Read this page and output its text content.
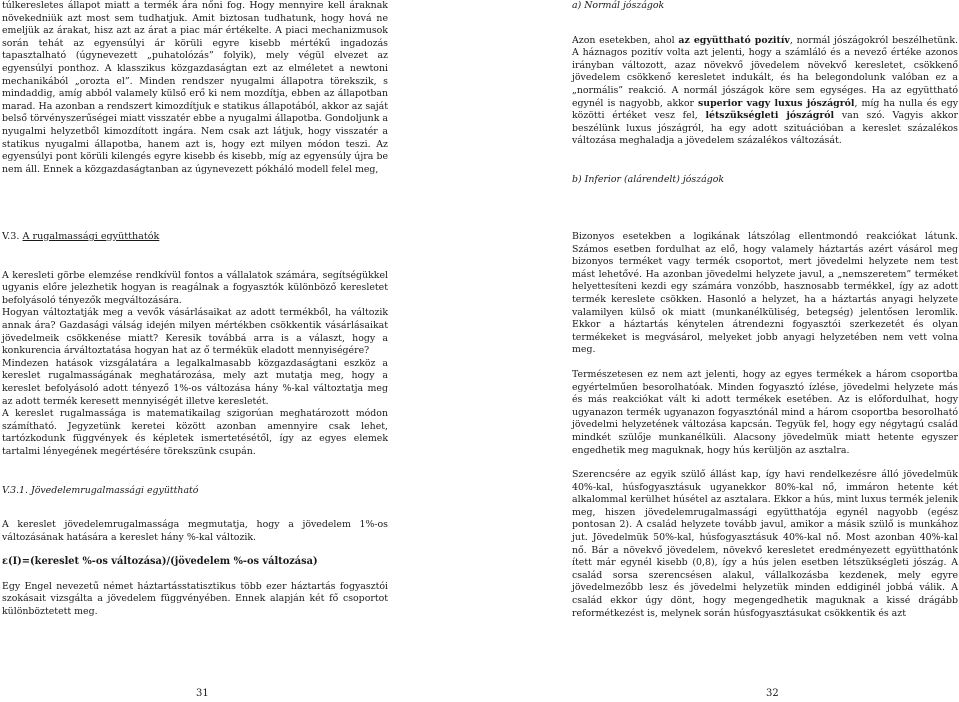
túlkeresletes állapot miatt a termék ára nőni fog. Hogy mennyire kell áraknak növekedniük azt most sem tudhatjuk. Amit biztosan tudhatunk, hogy hová ne emeljük az árakat, hisz azt az árat a piac már értékelte. A piaci mechanizmusok során tehát az egyensúlyi ár körüli egyre kisebb mértékű ingadozás tapasztalható (úgynevezett „puhatolózás” folyik), mely végül elvezet az egyensúlyi ponthoz. A klasszikus közgazdaságtan ezt az elméletet a newtoni mechanikából „orozta el”. Minden rendszer nyugalmi állapotra törekszik, s mindaddig, amíg abból valamely külső erő ki nem mozdítja, ebben az állapotban marad. Ha azonban a rendszert kimozdítjuk e statikus állapotából, akkor az saját belső törvényszerűségei miatt visszatér ebbe a nyugalmi állapotba. Gondoljunk a nyugalmi helyzetből kimozdított ingára. Nem csak azt látjuk, hogy visszatér a statikus nyugalmi állapotba, hanem azt is, hogy ezt milyen módon teszi. Az egyensúlyi pont körüli kilengés egyre kisebb és kisebb, míg az egyensúly újra be nem áll. Ennek a közgazdaságtanban az úgynevezett pókháló modell felel meg,

a) Normál jószágok

Azon esetekben, ahol az együttható pozitív, normál jószágokról beszélhetünk. A háznagos pozitív volta azt jelenti, hogy a számláló és a nevező értéke azonos irányban változott, azaz növekvő jövedelem növekvő keresletet, csökkenő jövedelem csökkenő keresletet indukált, és ha belegondolunk valóban ez a „normális” reakció. A normál jószágok köre sem egységes. Ha az együttható egynél is nagyobb, akkor superior vagy luxus jószágról, míg ha nulla és egy közötti értéket vesz fel, létszükségleti jószágról van szó. Vagyis akkor beszélünk luxus jószágról, ha egy adott szituációban a kereslet százalékos változása meghaladja a jövedelem százalékos változását.

b) Inferior (alárendelt) jószágok

V.3. A rugalmassági együtthatók

A keresleti görbe elemzése rendkívül fontos a vállalatok számára, segítségükkel ugyanis előre jelezhetik hogyan is reagálnak a fogyasztók különböző keresletet befolyásoló tényezők megváltozására.

Hogyan változtatják meg a vevők vásárlásaikat az adott termékből, ha változik annak ára? Gazdasági válság idején milyen mértékben csökkentik vásárlásaikat jövedelmeik csökkenése miatt? Keresik továbbá arra is a választ, hogy a konkurencia árváltoztatása hogyan hat az ő termékük eladott mennyiségére?

Mindezen hatások vizsgálatára a legalkalmasabb közgazdaságtani eszköz a kereslet rugalmasságának meghatározása, mely azt mutatja meg, hogy a kereslet befolyásoló adott tényező 1%-os változása hány %-kal változtatja meg az adott termék keresett mennyiségét illetve keresletét.

A kereslet rugalmassága is matematikailag szigorúan meghatározott módon számítható. Jegyzetünk keretei között azonban amennyire csak lehet, tartózkodunk függvények és képletek ismertetésétől, így az egyes elemek tartalmi lényegének megértésére törekszünk csupán.

V.3.1. Jövedelemrugalmassági együttható

A kereslet jövedelemrugalmassága megmutatja, hogy a jövedelem 1%-os változásának hatására a kereslet hány %-kal változik.

ε(I)=(kereslet %-os változása)/(jövedelem %-os változása)

Egy Engel nevezetű német háztartásstatisztikus több ezer háztartás fogyasztói szokásait vizsgálta a jövedelem függvényében. Ennek alapján két fő csoportot különböztetett meg.

Bizonyos esetekben a logikának látszólag ellentmondó reakciókat látunk. Számos esetben fordulhat az elő, hogy valamely háztartás azért vásárol meg bizonyos terméket vagy termék csoportot, mert jövedelmi helyzete nem test mást lehetővé. Ha azonban jövedelmi helyzete javul, a „nemszeretem” terméket helyettesíteni kezdi egy számára vonzóbb, hasznosabb termékkel, így az adott termék kereslete csökken. Hasonló a helyzet, ha a háztartás anyagi helyzete valamilyen külső ok miatt (munkanélküliség, betegség) jelentősen leromlik. Ekkor a háztartás kénytelen átrendezni fogyasztói szerkezetét és olyan termékeket is megvásárol, melyeket jobb anyagi helyzetében nem vett volna meg.

Természetesen ez nem azt jelenti, hogy az egyes termékek a három csoportba egyértelműen besorolhatóak. Minden fogyasztó ízlése, jövedelmi helyzete más és más reakciókat vált ki adott termékek esetében. Az is előfordulhat, hogy ugyanazon termék ugyanazon fogyasztónál mind a három csoportba besorolható jövedelmi helyzetének változása kapcsán. Tegyük fel, hogy egy négytagú család mindkét szülője munkanélküli. Alacsony jövedelmük miatt hetente egyszer engedhetik meg maguknak, hogy hús kerüljön az asztalra.

Szerencsére az egyik szülő állást kap, így havi rendelkezésre álló jövedelmük 40%-kal, húsfogyasztásuk ugyanekkor 80%-kal nő, immáron hetente két alkalommal kerülhet húsétel az asztalara. Ekkor a hús, mint luxus termék jelenik meg, hiszen jövedelemrugalmassági együtthatója egynél nagyobb (egész pontosan 2). A család helyzete tovább javul, amikor a másik szülő is munkához jut. Jövedelmük 50%-kal, húsfogyasztásuk 40%-kal nő. Most azonban 40%-kal nő. Bár a növekvő jövedelem, növekvő keresletet eredményezett együtthatónk ített már egynél kisebb (0,8), így a hús jelen esetben létszükségleti jószág. A család sorsa szerencsésen alakul, vállalkozásba kezdenek, mely egyre jövedelmezőbb lesz és jövedelmi helyzetük minden eddiginél jobbá válik. A család ekkor úgy dönt, hogy megengedhetik maguknak a kissé drágább reformétkezést is, melynek során húsfogyasztásukat csökkentik és azt

31	32
